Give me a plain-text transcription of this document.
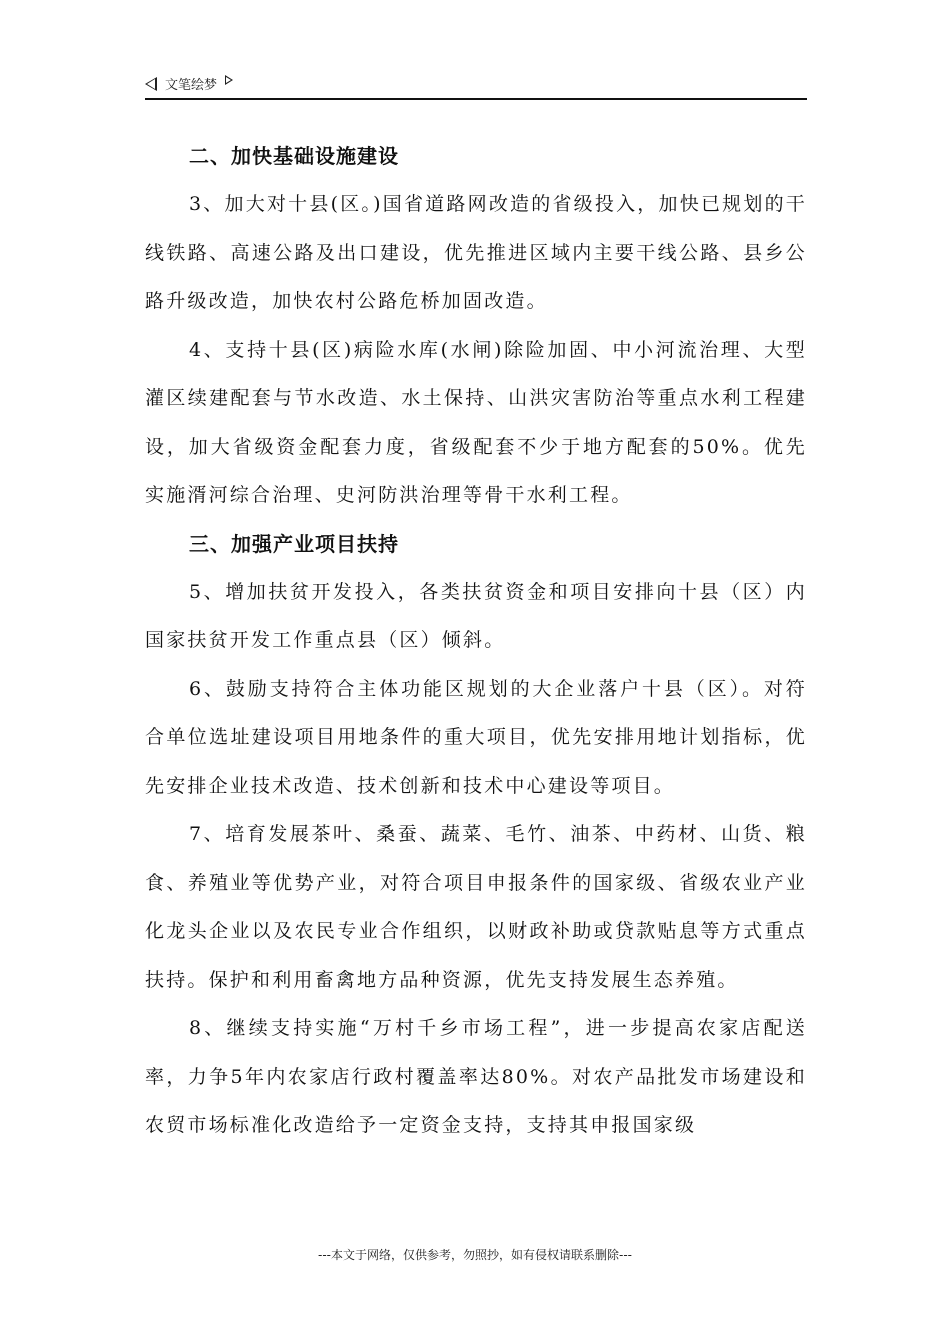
文笔绘梦
二、加快基础设施建设

3、加大对十县(区。)国省道路网改造的省级投入，加快已规划的干线铁路、高速公路及出口建设，优先推进区域内主要干线公路、县乡公路升级改造，加快农村公路危桥加固改造。

4、支持十县(区)病险水库(水闸)除险加固、中小河流治理、大型灌区续建配套与节水改造、水土保持、山洪灾害防治等重点水利工程建设，加大省级资金配套力度，省级配套不少于地方配套的50%。优先实施湑河综合治理、史河防洪治理等骨干水利工程。

三、加强产业项目扶持

5、增加扶贫开发投入，各类扶贫资金和项目安排向十县（区）内国家扶贫开发工作重点县（区）倾斜。

6、鼓励支持符合主体功能区规划的大企业落户十县（区）。对符合单位选址建设项目用地条件的重大项目，优先安排用地计划指标，优先安排企业技术改造、技术创新和技术中心建设等项目。

7、培育发展茶叶、桑蚕、蔬菜、毛竹、油茶、中药材、山货、粮食、养殖业等优势产业，对符合项目申报条件的国家级、省级农业产业化龙头企业以及农民专业合作组织，以财政补助或贷款贴息等方式重点扶持。保护和利用畜禽地方品种资源，优先支持发展生态养殖。

8、继续支持实施“万村千乡市场工程”，进一步提高农家店配送率，力争5年内农家店行政村覆盖率达80%。对农产品批发市场建设和农贸市场标准化改造给予一定资金支持，支持其申报国家级

---本文于网络，仅供参考，勿照抄，如有侵权请联系删除---
